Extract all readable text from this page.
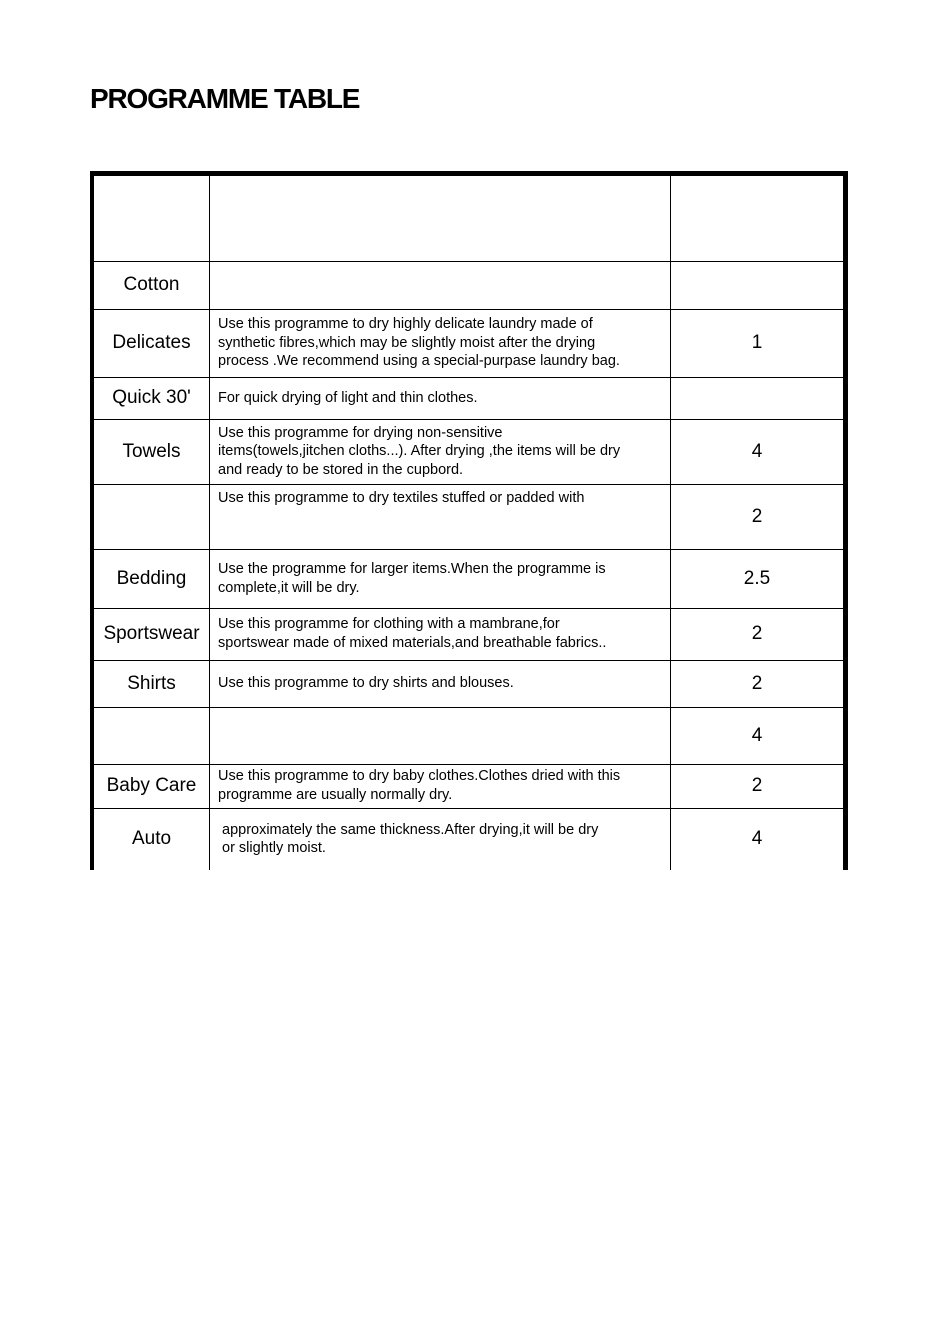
PROGRAMME TABLE

Cotton		
Delicates	Use this programme to dry highly delicate laundry made of
synthetic fibres,which may be slightly moist after the drying
process .We recommend using a special-purpase laundry bag.	1
Quick 30'	For quick drying of light and thin clothes.	
Towels	Use this programme for drying non-sensitive
items(towels,jitchen cloths...). After drying ,the items will be dry
and ready to be stored in the cupbord.	4
	Use this programme to dry textiles stuffed or padded with	2
Bedding	Use the programme for larger items.When the programme is
complete,it will be dry.	2.5
Sportswear	Use this programme for clothing with a mambrane,for
sportswear made of mixed materials,and breathable fabrics..	2
Shirts	Use this programme to dry shirts and blouses.	2
		4
Baby Care	Use this programme to dry baby clothes.Clothes dried with this
programme are usually normally dry.	2
Auto	approximately the same thickness.After drying,it will be dry
or slightly moist.	4
